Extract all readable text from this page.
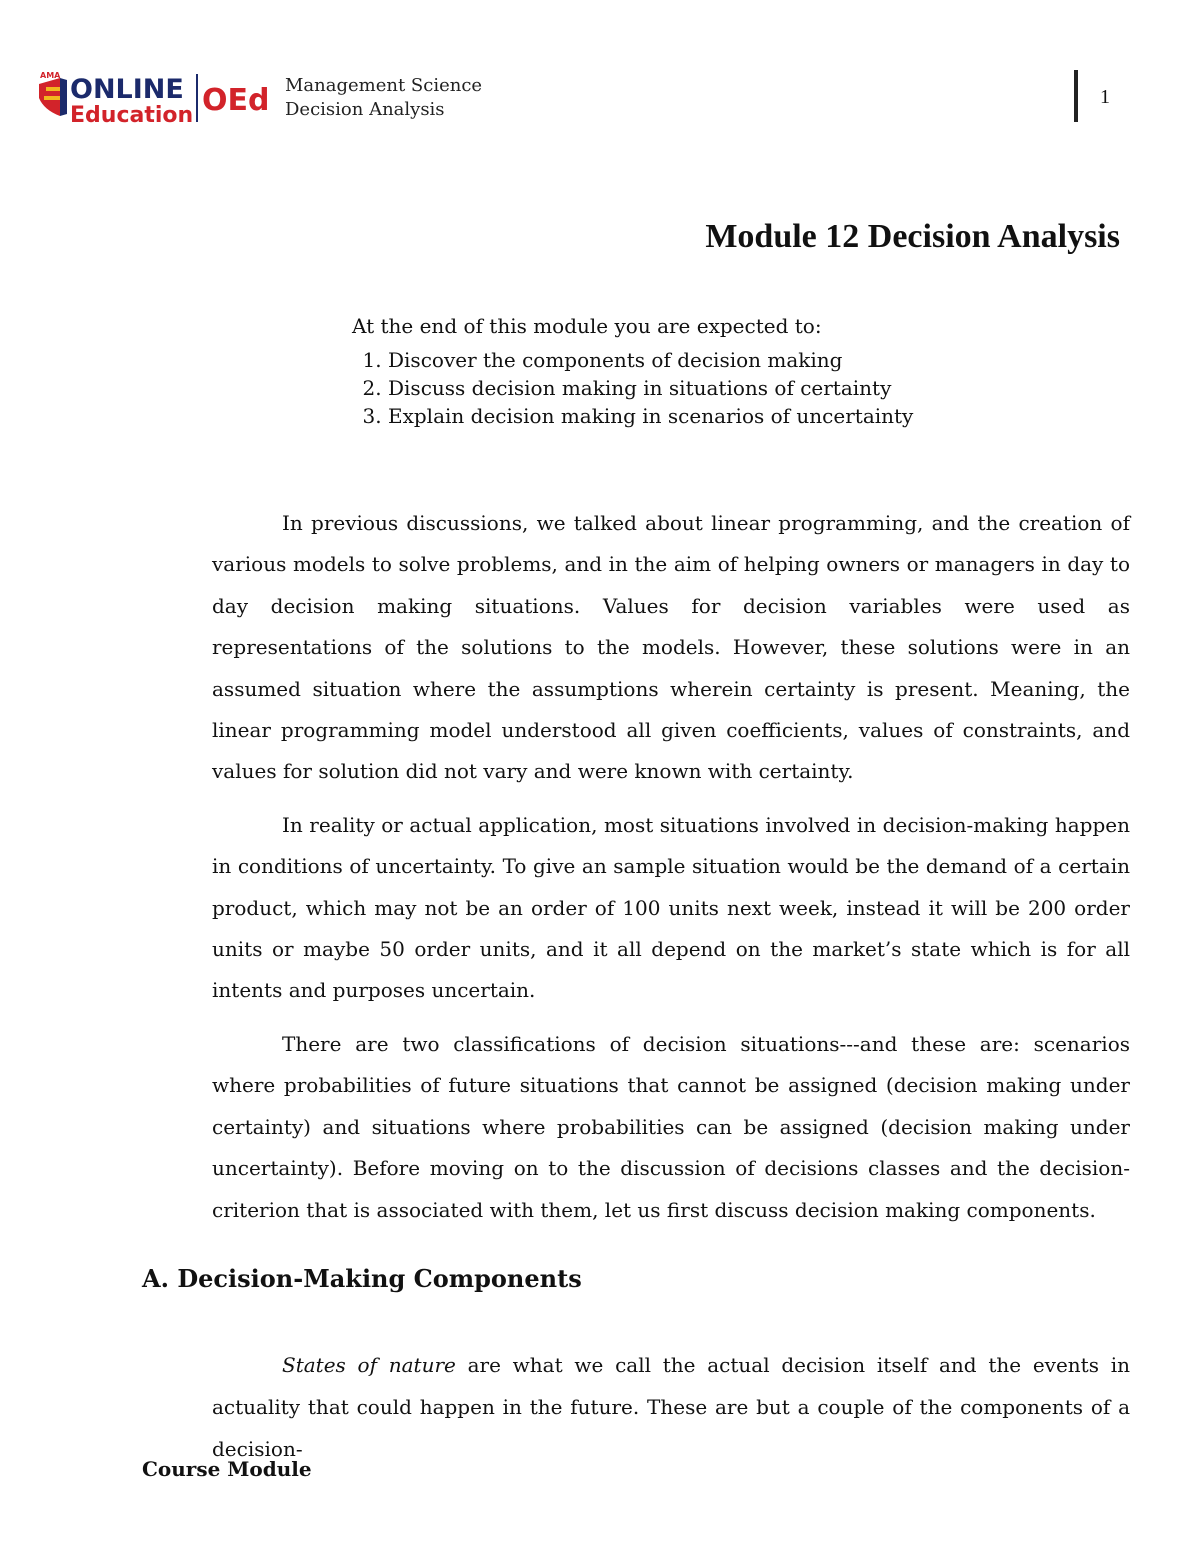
AMA ONLINE
Education OEd Management Science
Decision Analysis
1
Module 12 Decision Analysis

At the end of this module you are expected to:

1. Discover the components of decision making
2. Discuss decision making in situations of certainty
3. Explain decision making in scenarios of uncertainty

In previous discussions, we talked about linear programming, and the creation of various models to solve problems, and in the aim of helping owners or managers in day to day decision making situations. Values for decision variables were used as representations of the solutions to the models. However, these solutions were in an assumed situation where the assumptions wherein certainty is present. Meaning, the linear programming model understood all given coefficients, values of constraints, and values for solution did not vary and were known with certainty.

In reality or actual application, most situations involved in decision-making happen in conditions of uncertainty. To give an sample situation would be the demand of a certain product, which may not be an order of 100 units next week, instead it will be 200 order units or maybe 50 order units, and it all depend on the market’s state which is for all intents and purposes uncertain.

There are two classifications of decision situations---and these are: scenarios where probabilities of future situations that cannot be assigned (decision making under certainty) and situations where probabilities can be assigned (decision making under uncertainty). Before moving on to the discussion of decisions classes and the decision-criterion that is associated with them, let us first discuss decision making components.

A. Decision-Making Components

States of nature are what we call the actual decision itself and the events in actuality that could happen in the future. These are but a couple of the components of a decision-

Course Module
